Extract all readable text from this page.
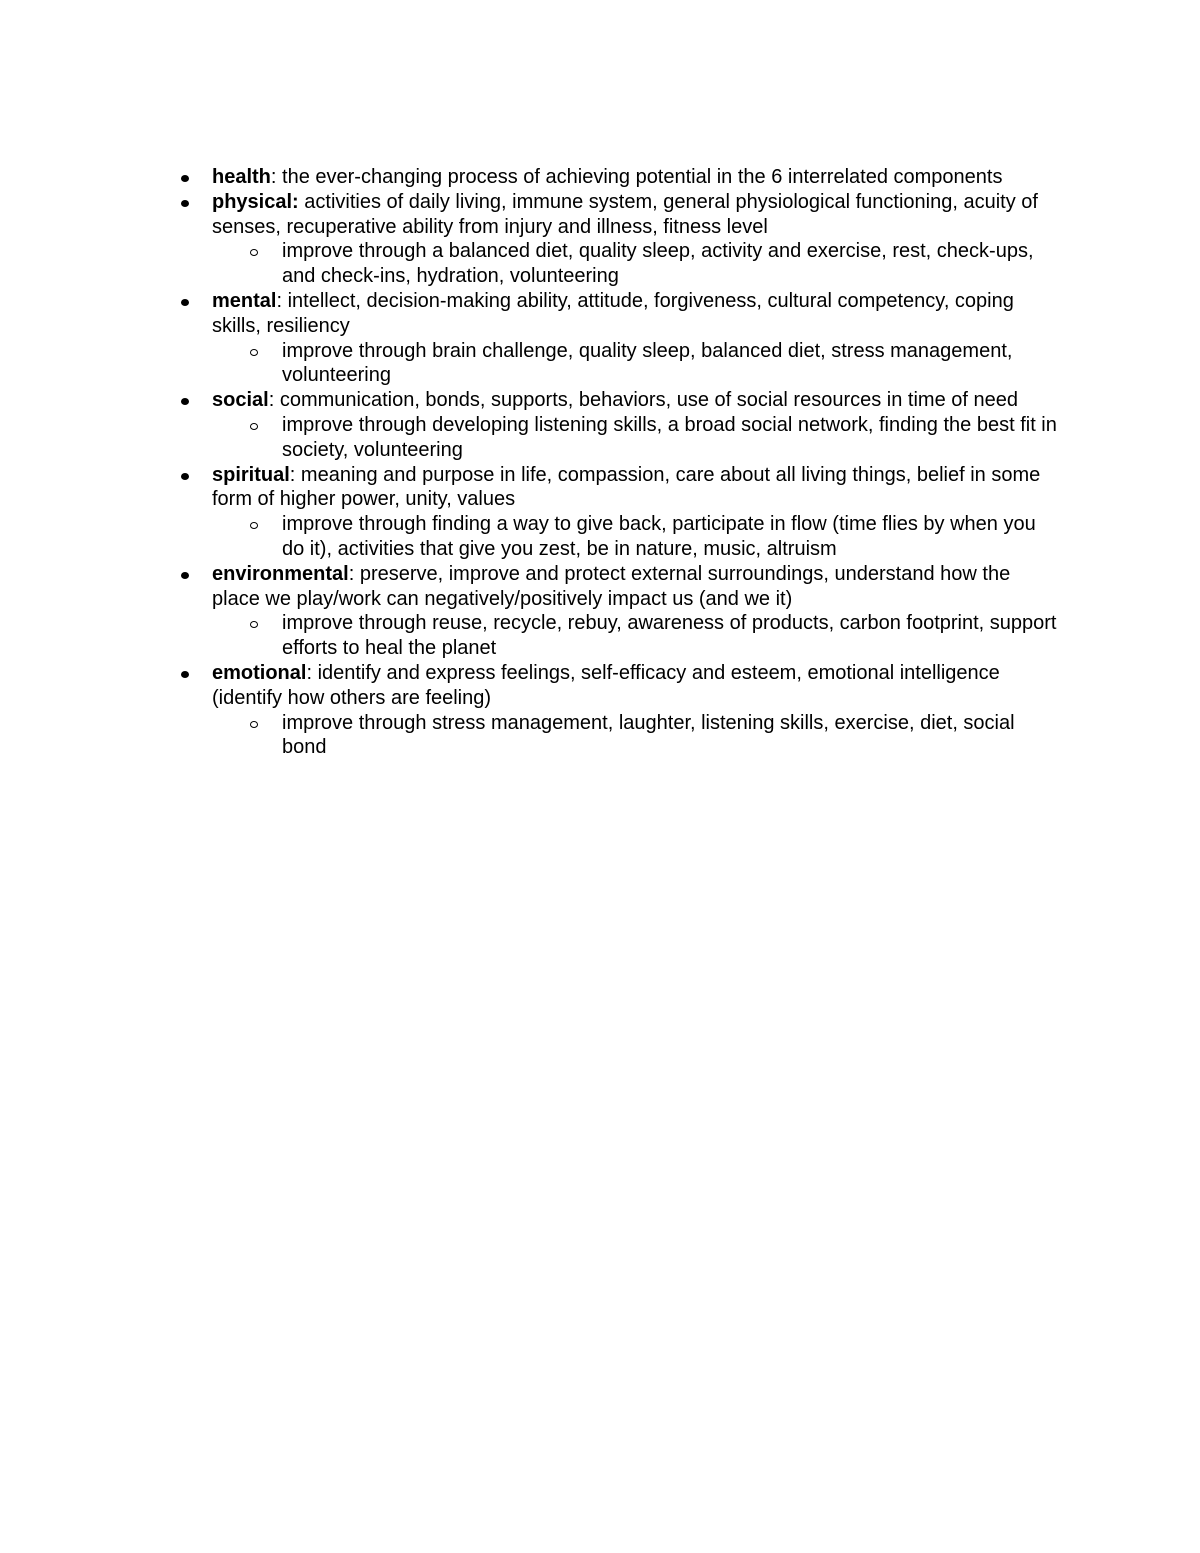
health: the ever-changing process of achieving potential in the 6 interrelated components
physical: activities of daily living, immune system, general physiological functioning, acuity of senses, recuperative ability from injury and illness, fitness level
improve through a balanced diet, quality sleep, activity and exercise, rest, check-ups, and check-ins, hydration, volunteering
mental: intellect, decision-making ability, attitude, forgiveness, cultural competency, coping skills, resiliency
improve through brain challenge, quality sleep, balanced diet, stress management, volunteering
social: communication, bonds, supports, behaviors, use of social resources in time of need
improve through developing listening skills, a broad social network, finding the best fit in society, volunteering
spiritual: meaning and purpose in life, compassion, care about all living things, belief in some form of higher power, unity, values
improve through finding a way to give back, participate in flow (time flies by when you do it), activities that give you zest, be in nature, music, altruism
environmental: preserve, improve and protect external surroundings, understand how the place we play/work can negatively/positively impact us (and we it)
improve through reuse, recycle, rebuy, awareness of products, carbon footprint, support efforts to heal the planet
emotional: identify and express feelings, self-efficacy and esteem, emotional intelligence (identify how others are feeling)
improve through stress management, laughter, listening skills, exercise, diet, social bond
